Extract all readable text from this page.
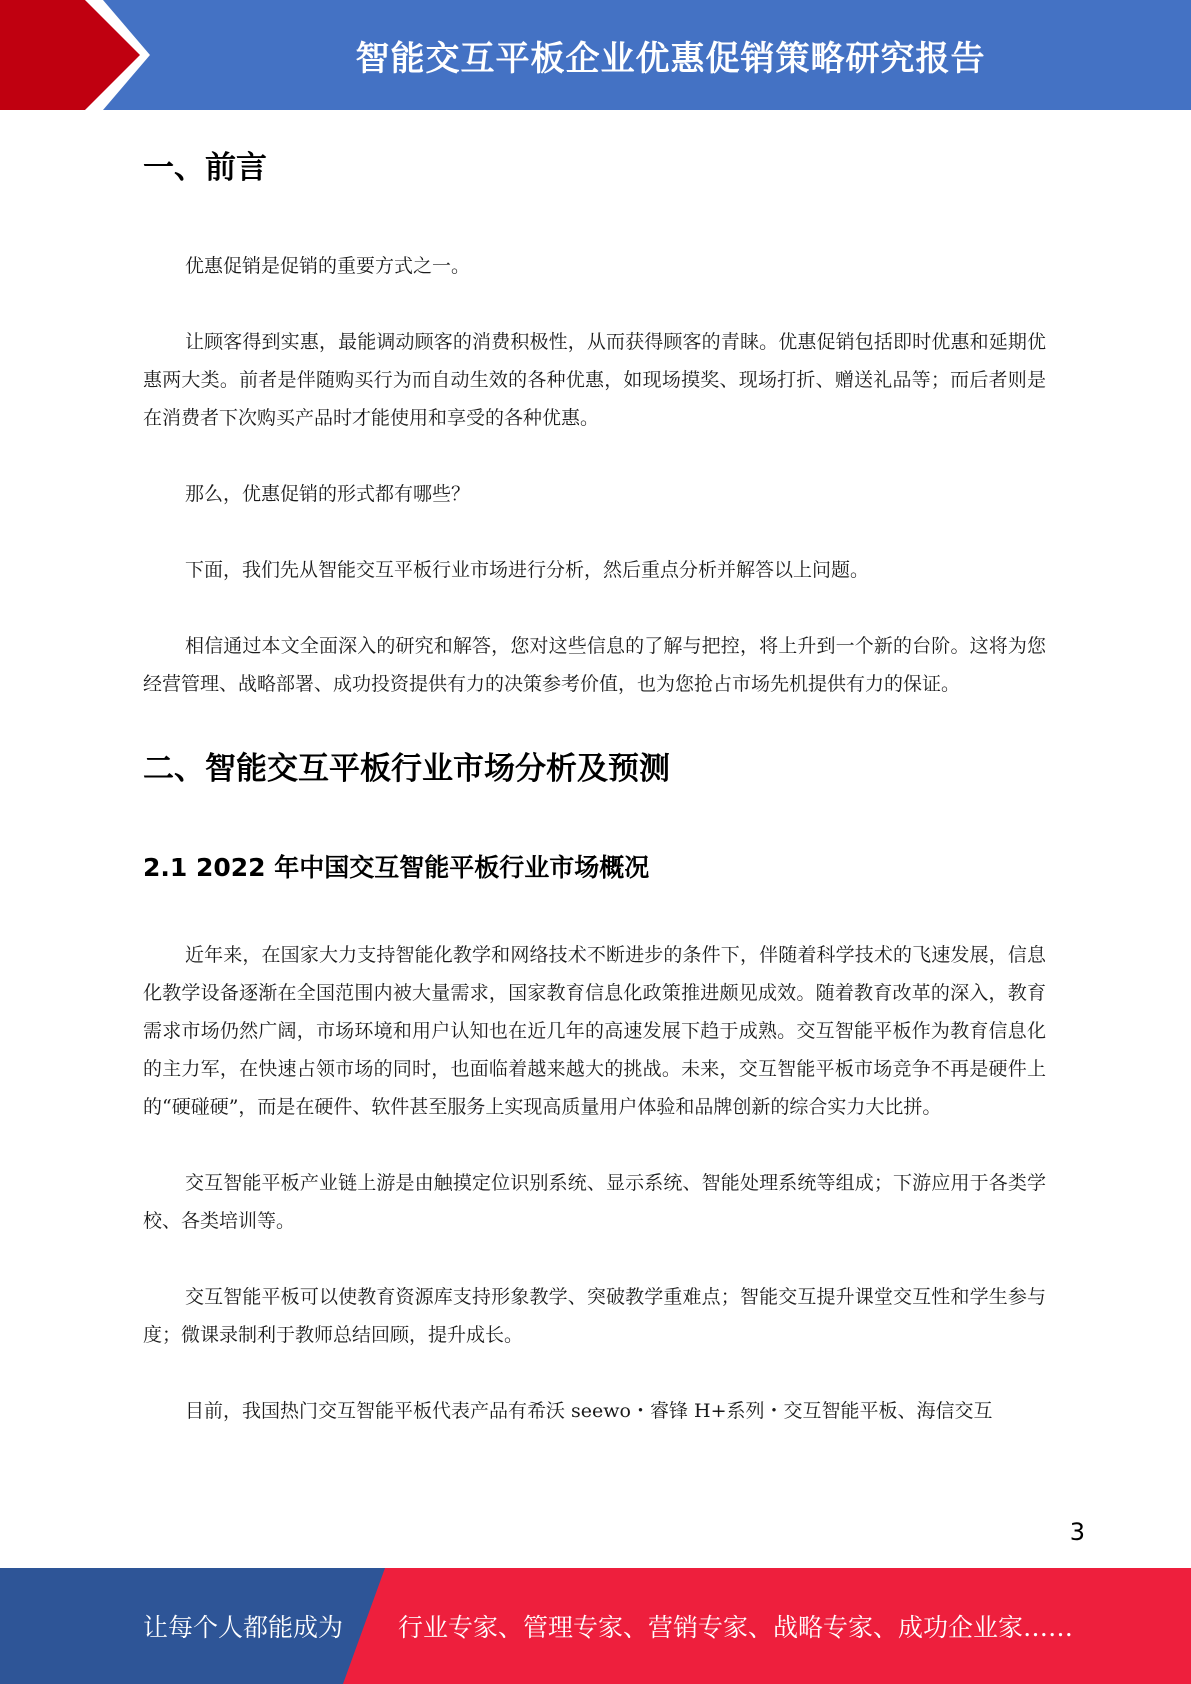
智能交互平板企业优惠促销策略研究报告
一、前言

优惠促销是促销的重要方式之一。

让顾客得到实惠，最能调动顾客的消费积极性，从而获得顾客的青睐。优惠促销包括即时优惠和延期优惠两大类。前者是伴随购买行为而自动生效的各种优惠，如现场摸奖、现场打折、赠送礼品等；而后者则是在消费者下次购买产品时才能使用和享受的各种优惠。

那么，优惠促销的形式都有哪些？

下面，我们先从智能交互平板行业市场进行分析，然后重点分析并解答以上问题。

相信通过本文全面深入的研究和解答，您对这些信息的了解与把控，将上升到一个新的台阶。这将为您经营管理、战略部署、成功投资提供有力的决策参考价值，也为您抢占市场先机提供有力的保证。

二、智能交互平板行业市场分析及预测
2.1 2022 年中国交互智能平板行业市场概况

近年来，在国家大力支持智能化教学和网络技术不断进步的条件下，伴随着科学技术的飞速发展，信息化教学设备逐渐在全国范围内被大量需求，国家教育信息化政策推进颇见成效。随着教育改革的深入，教育需求市场仍然广阔，市场环境和用户认知也在近几年的高速发展下趋于成熟。交互智能平板作为教育信息化的主力军，在快速占领市场的同时，也面临着越来越大的挑战。未来，交互智能平板市场竞争不再是硬件上的“硬碰硬”，而是在硬件、软件甚至服务上实现高质量用户体验和品牌创新的综合实力大比拼。

交互智能平板产业链上游是由触摸定位识别系统、显示系统、智能处理系统等组成；下游应用于各类学校、各类培训等。

交互智能平板可以使教育资源库支持形象教学、突破教学重难点；智能交互提升课堂交互性和学生参与度；微课录制利于教师总结回顾，提升成长。

目前，我国热门交互智能平板代表产品有希沃 seewo・睿锋 H+系列・交互智能平板、海信交互

3
让每个人都能成为 行业专家、管理专家、营销专家、战略专家、成功企业家……
